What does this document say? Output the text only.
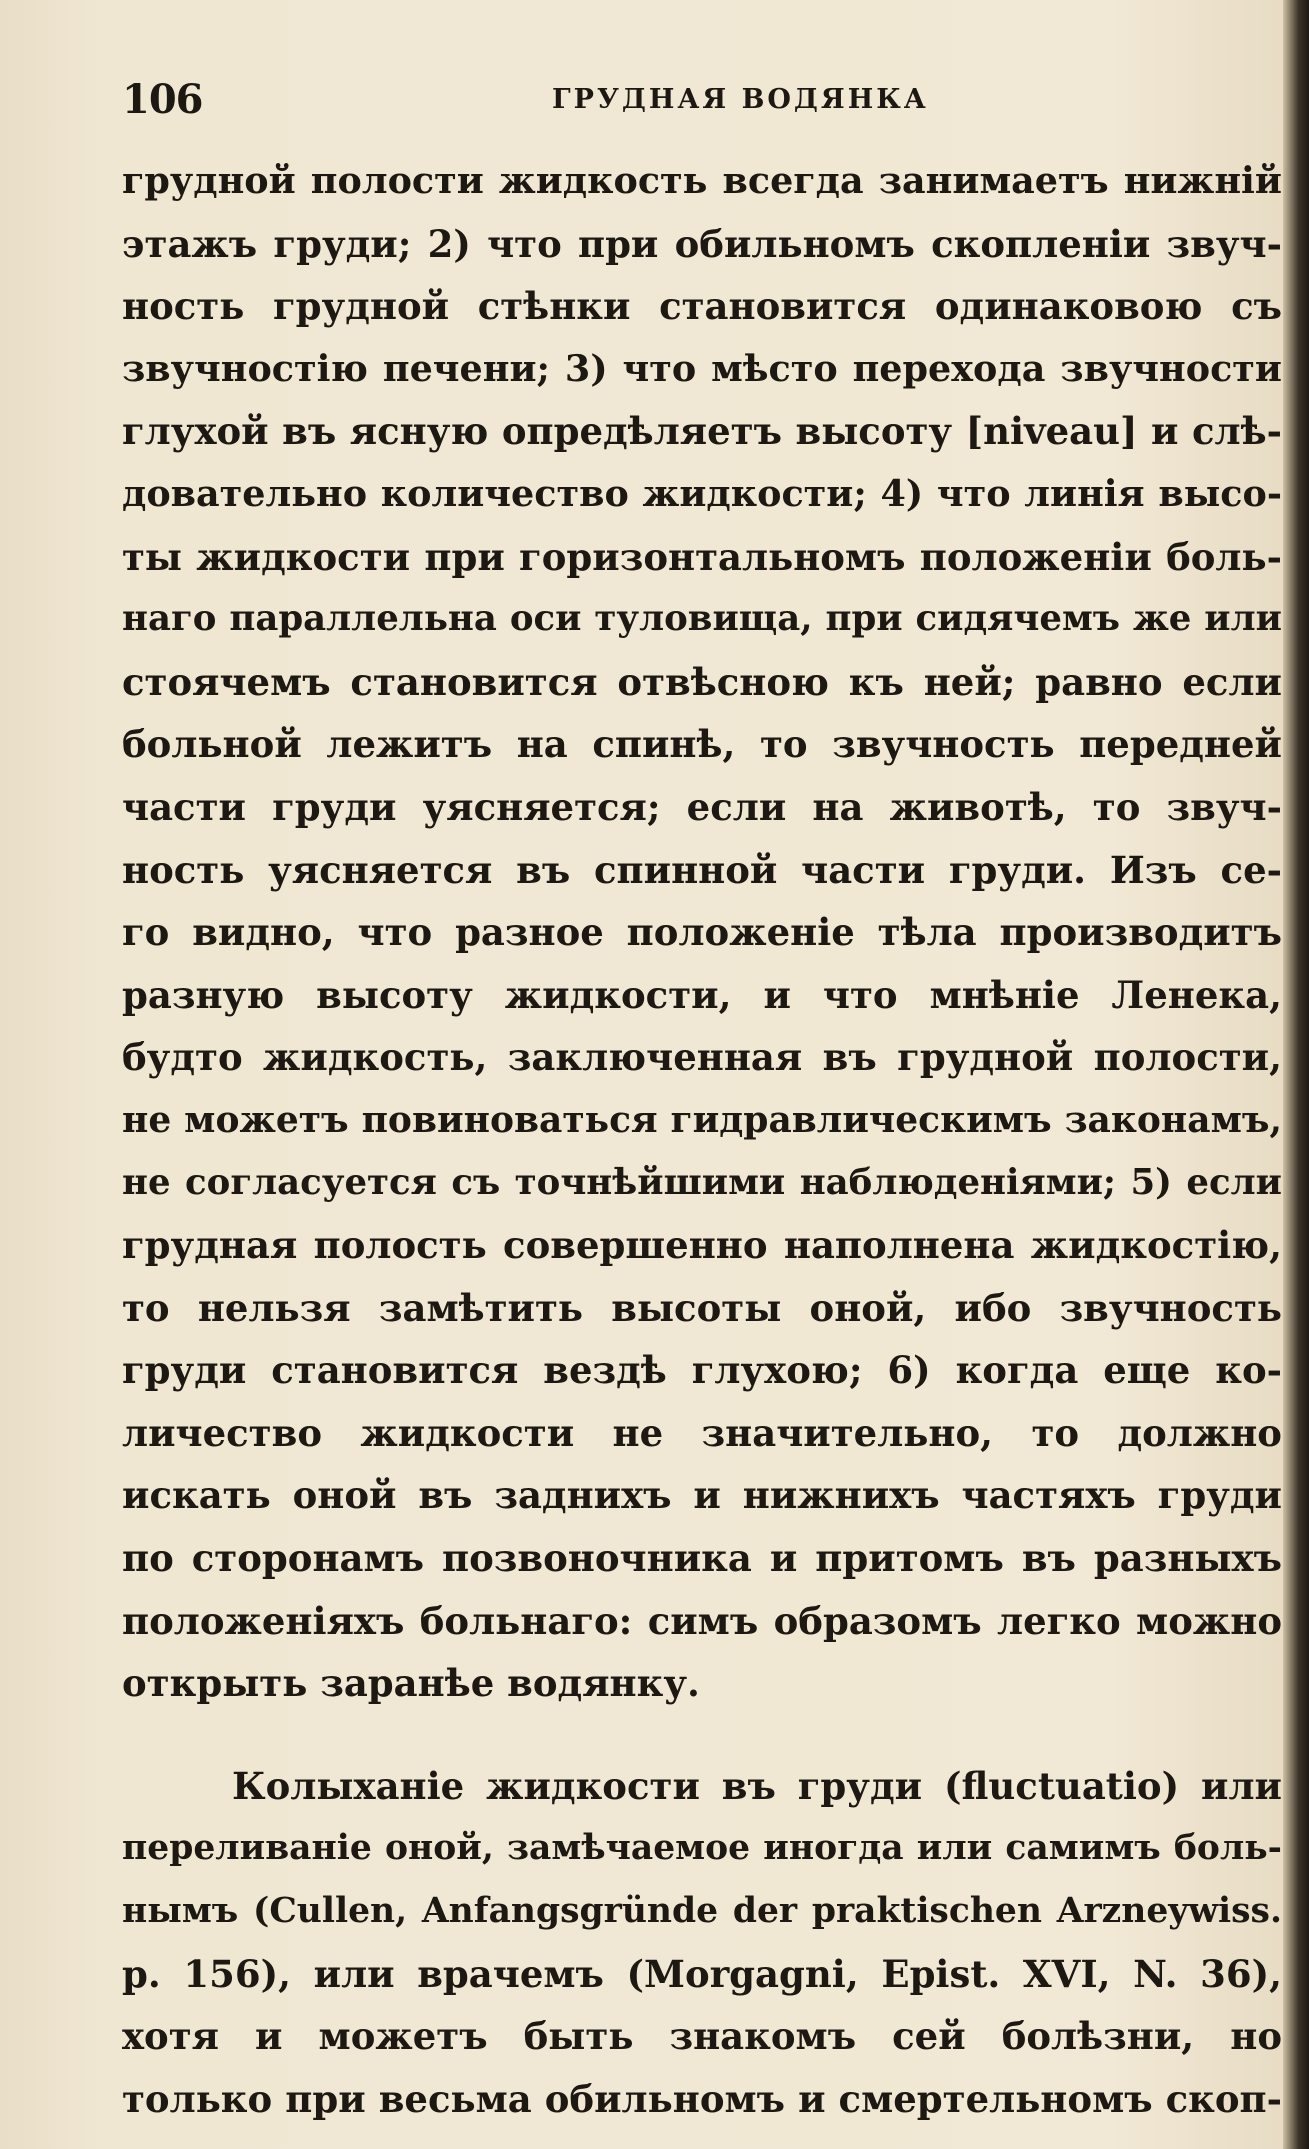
106	ГРУДНАЯ ВОДЯНКА
грудной полости жидкость всегда занимаетъ нижній
этажъ груди; 2) что при обильномъ скопленіи звуч-
ность грудной стѣнки становится одинаковою съ
звучностію печени; 3) что мѣсто перехода звучности
глухой въ ясную опредѣляетъ высоту [niveau] и слѣ-
довательно количество жидкости; 4) что линія высо-
ты жидкости при горизонтальномъ положеніи боль-
наго параллельна оси туловища, при сидячемъ же или
стоячемъ становится отвѣсною къ ней; равно если
больной лежитъ на спинѣ, то звучность передней
части груди уясняется; если на животѣ, то звуч-
ность уясняется въ спинной части груди. Изъ се-
го видно, что разное положеніе тѣла производитъ
разную высоту жидкости, и что мнѣніе Ленека,
будто жидкость, заключенная въ грудной полости,
не можетъ повиноваться гидравлическимъ законамъ,
не согласуется съ точнѣйшими наблюденіями; 5) если
грудная полость совершенно наполнена жидкостію,
то нельзя замѣтить высоты оной, ибо звучность
груди становится вездѣ глухою; 6) когда еще ко-
личество жидкости не значительно, то должно
искать оной въ заднихъ и нижнихъ частяхъ груди
по сторонамъ позвоночника и притомъ въ разныхъ
положеніяхъ больнаго: симъ образомъ легко можно
открыть заранѣе водянку.
Колыханіе жидкости въ груди (fluctuatio) или
переливаніе оной, замѣчаемое иногда или самимъ боль-
нымъ (Cullen, Anfangsgründe der praktischen Arzneywiss.
p. 156), или врачемъ (Morgagni, Epist. XVI, N. 36),
хотя и можетъ быть знакомъ сей болѣзни, но
только при весьма обильномъ и смертельномъ скоп-
